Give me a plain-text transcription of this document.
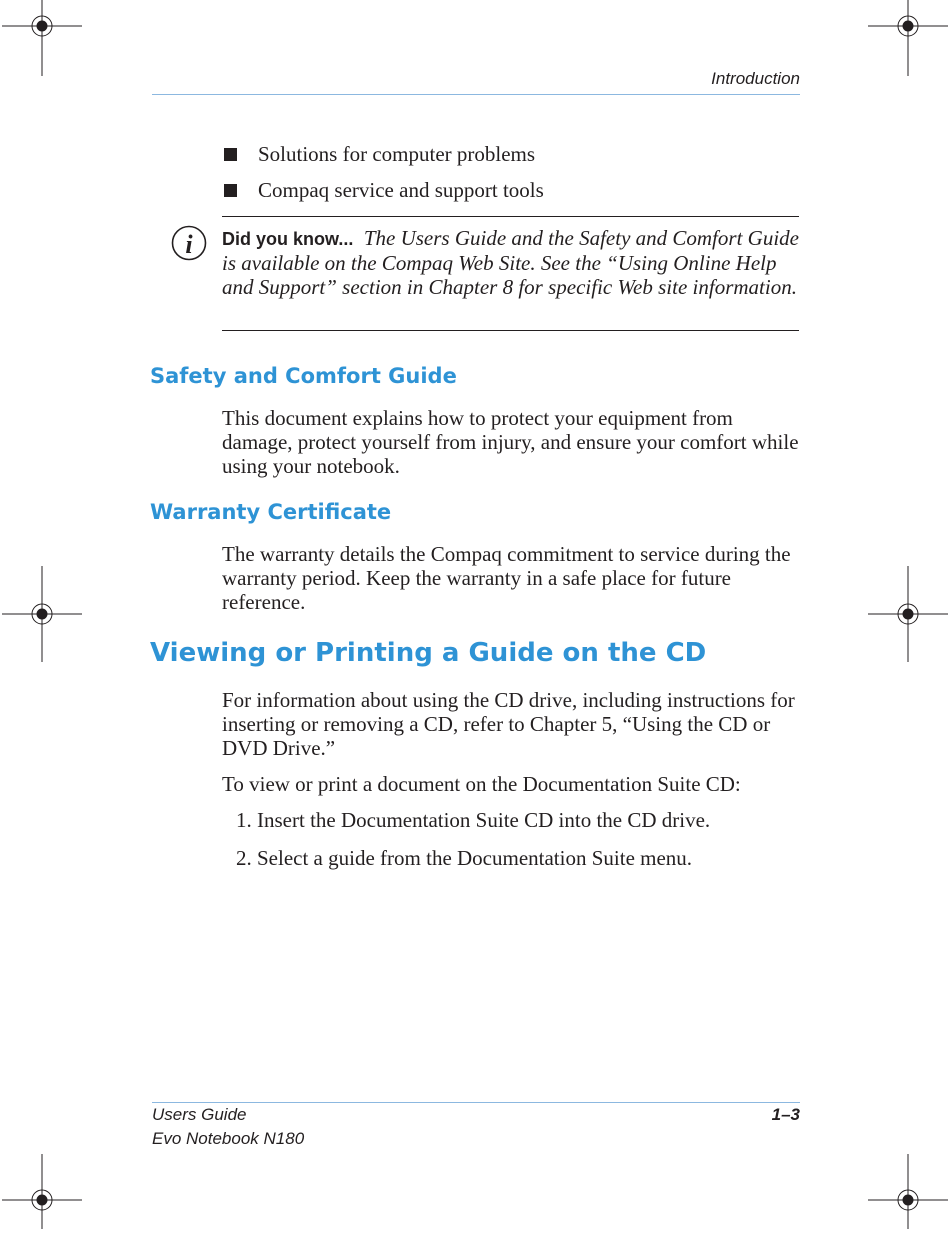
Introduction
Solutions for computer problems
Compaq service and support tools
i Did you know... The Users Guide and the Safety and Comfort Guide is available on the Compaq Web Site. See the “Using Online Help and Support” section in Chapter 8 for specific Web site information.
Safety and Comfort Guide
This document explains how to protect your equipment from damage, protect yourself from injury, and ensure your comfort while using your notebook.
Warranty Certificate
The warranty details the Compaq commitment to service during the warranty period. Keep the warranty in a safe place for future reference.
Viewing or Printing a Guide on the CD
For information about using the CD drive, including instructions for inserting or removing a CD, refer to Chapter 5, “Using the CD or DVD Drive.”
To view or print a document on the Documentation Suite CD:
1. Insert the Documentation Suite CD into the CD drive.
2. Select a guide from the Documentation Suite menu.
Users Guide
Evo Notebook N180
1–3
